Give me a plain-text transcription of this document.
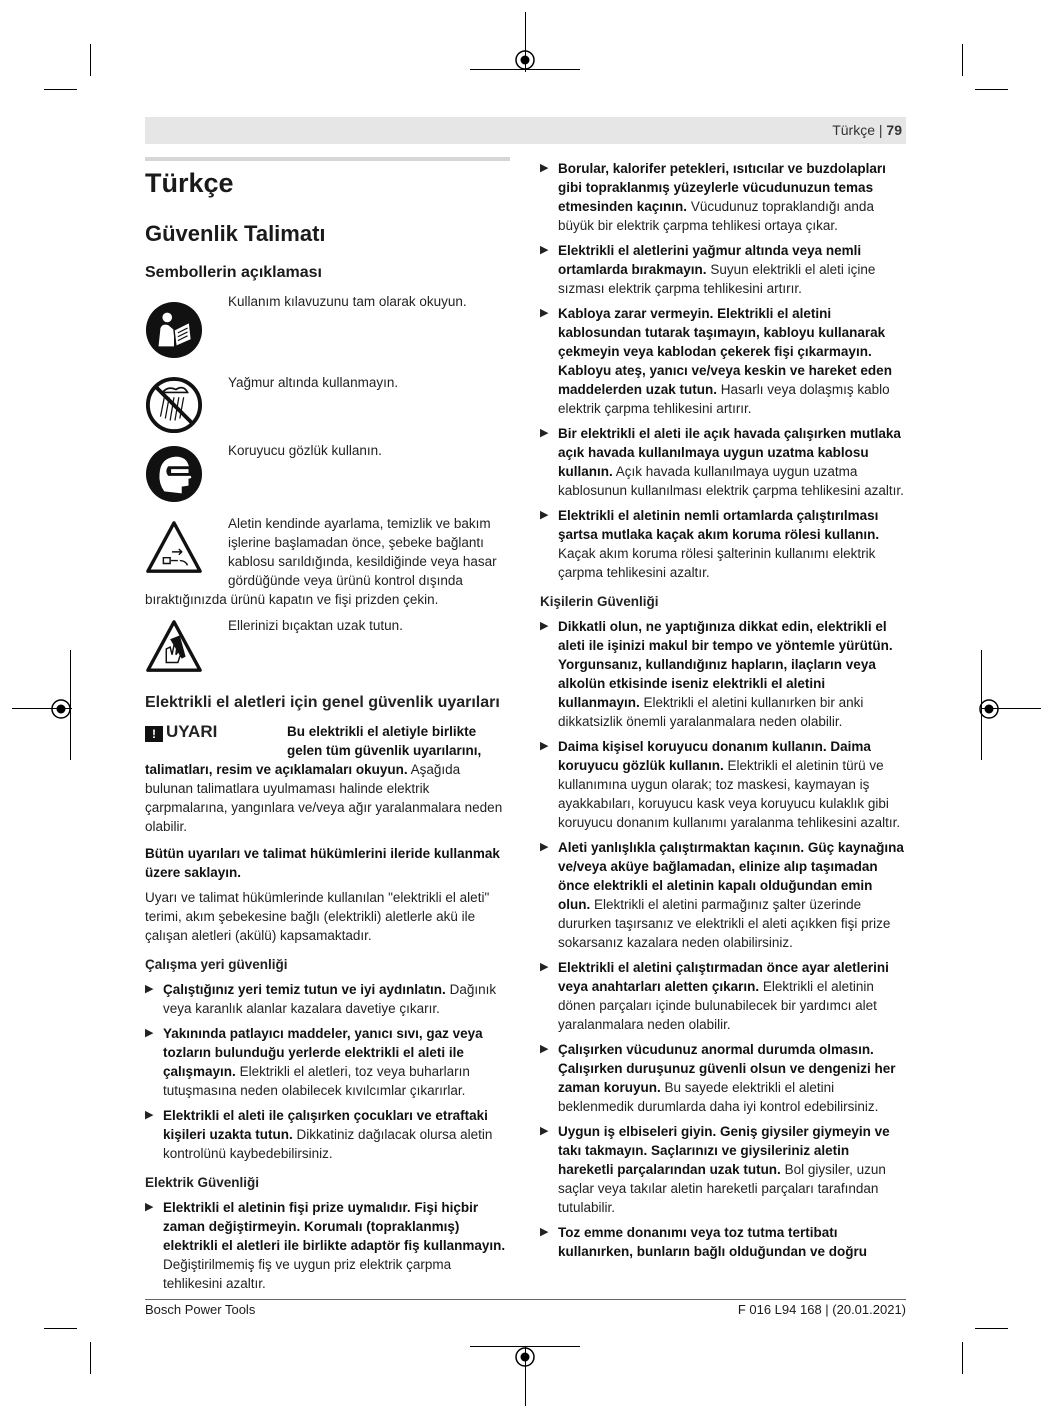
Türkçe | 79
Türkçe
Güvenlik Talimatı
Sembollerin açıklaması
Kullanım kılavuzunu tam olarak okuyun.
Yağmur altında kullanmayın.
Koruyucu gözlük kullanın.
Aletin kendinde ayarlama, temizlik ve bakım işlerine başlamadan önce, şebeke bağlantı kablosu sarıldığında, kesildiğinde veya hasar gördüğünde veya ürünü kontrol dışında bıraktığınızda ürünü kapatın ve fişi prizden çekin.
Ellerinizi bıçaktan uzak tutun.
Elektrikli el aletleri için genel güvenlik uyarıları
! UYARI	Bu elektrikli el aletiyle birlikte gelen tüm güvenlik uyarılarını, talimatları, resim ve açıklamaları okuyun. Aşağıda bulunan talimatlara uyulmaması halinde elektrik çarpmalarına, yangınlara ve/veya ağır yaralanmalara neden olabilir.

Bütün uyarıları ve talimat hükümlerini ileride kullanmak üzere saklayın.

Uyarı ve talimat hükümlerinde kullanılan "elektrikli el aleti" terimi, akım şebekesine bağlı (elektrikli) aletlerle akü ile çalışan aletleri (akülü) kapsamaktadır.

Çalışma yeri güvenliği
▶ Çalıştığınız yeri temiz tutun ve iyi aydınlatın. Dağınık veya karanlık alanlar kazalara davetiye çıkarır.
▶ Yakınında patlayıcı maddeler, yanıcı sıvı, gaz veya tozların bulunduğu yerlerde elektrikli el aleti ile çalışmayın. Elektrikli el aletleri, toz veya buharların tutuşmasına neden olabilecek kıvılcımlar çıkarırlar.
▶ Elektrikli el aleti ile çalışırken çocukları ve etraftaki kişileri uzakta tutun. Dikkatiniz dağılacak olursa aletin kontrolünü kaybedebilirsiniz.
Elektrik Güvenliği
▶ Elektrikli el aletinin fişi prize uymalıdır. Fişi hiçbir zaman değiştirmeyin. Korumalı (topraklanmış) elektrikli el aletleri ile birlikte adaptör fiş kullanmayın. Değiştirilmemiş fiş ve uygun priz elektrik çarpma tehlikesini azaltır.
▶ Borular, kalorifer petekleri, ısıtıcılar ve buzdolapları gibi topraklanmış yüzeylerle vücudunuzun temas etmesinden kaçının. Vücudunuz topraklandığı anda büyük bir elektrik çarpma tehlikesi ortaya çıkar.
▶ Elektrikli el aletlerini yağmur altında veya nemli ortamlarda bırakmayın. Suyun elektrikli el aleti içine sızması elektrik çarpma tehlikesini artırır.
▶ Kabloya zarar vermeyin. Elektrikli el aletini kablosundan tutarak taşımayın, kabloyu kullanarak çekmeyin veya kablodan çekerek fişi çıkarmayın. Kabloyu ateş, yanıcı ve/veya keskin ve hareket eden maddelerden uzak tutun. Hasarlı veya dolaşmış kablo elektrik çarpma tehlikesini artırır.
▶ Bir elektrikli el aleti ile açık havada çalışırken mutlaka açık havada kullanılmaya uygun uzatma kablosu kullanın. Açık havada kullanılmaya uygun uzatma kablosunun kullanılması elektrik çarpma tehlikesini azaltır.
▶ Elektrikli el aletinin nemli ortamlarda çalıştırılması şartsa mutlaka kaçak akım koruma rölesi kullanın. Kaçak akım koruma rölesi şalterinin kullanımı elektrik çarpma tehlikesini azaltır.
Kişilerin Güvenliği
▶ Dikkatli olun, ne yaptığınıza dikkat edin, elektrikli el aleti ile işinizi makul bir tempo ve yöntemle yürütün. Yorgunsanız, kullandığınız hapların, ilaçların veya alkolün etkisinde iseniz elektrikli el aletini kullanmayın. Elektrikli el aletini kullanırken bir anki dikkatsizlik önemli yaralanmalara neden olabilir.
▶ Daima kişisel koruyucu donanım kullanın. Daima koruyucu gözlük kullanın. Elektrikli el aletinin türü ve kullanımına uygun olarak; toz maskesi, kaymayan iş ayakkabıları, koruyucu kask veya koruyucu kulaklık gibi koruyucu donanım kullanımı yaralanma tehlikesini azaltır.
▶ Aleti yanlışlıkla çalıştırmaktan kaçının. Güç kaynağına ve/veya aküye bağlamadan, elinize alıp taşımadan önce elektrikli el aletinin kapalı olduğundan emin olun. Elektrikli el aletini parmağınız şalter üzerinde dururken taşırsanız ve elektrikli el aleti açıkken fişi prize sokarsanız kazalara neden olabilirsiniz.
▶ Elektrikli el aletini çalıştırmadan önce ayar aletlerini veya anahtarları aletten çıkarın. Elektrikli el aletinin dönen parçaları içinde bulunabilecek bir yardımcı alet yaralanmalara neden olabilir.
▶ Çalışırken vücudunuz anormal durumda olmasın. Çalışırken duruşunuz güvenli olsun ve dengenizi her zaman koruyun. Bu sayede elektrikli el aletini beklenmedik durumlarda daha iyi kontrol edebilirsiniz.
▶ Uygun iş elbiseleri giyin. Geniş giysiler giymeyin ve takı takmayın. Saçlarınızı ve giysileriniz aletin hareketli parçalarından uzak tutun. Bol giysiler, uzun saçlar veya takılar aletin hareketli parçaları tarafından tutulabilir.
▶ Toz emme donanımı veya toz tutma tertibatı kullanırken, bunların bağlı olduğundan ve doğru
Bosch Power Tools	F 016 L94 168 | (20.01.2021)
